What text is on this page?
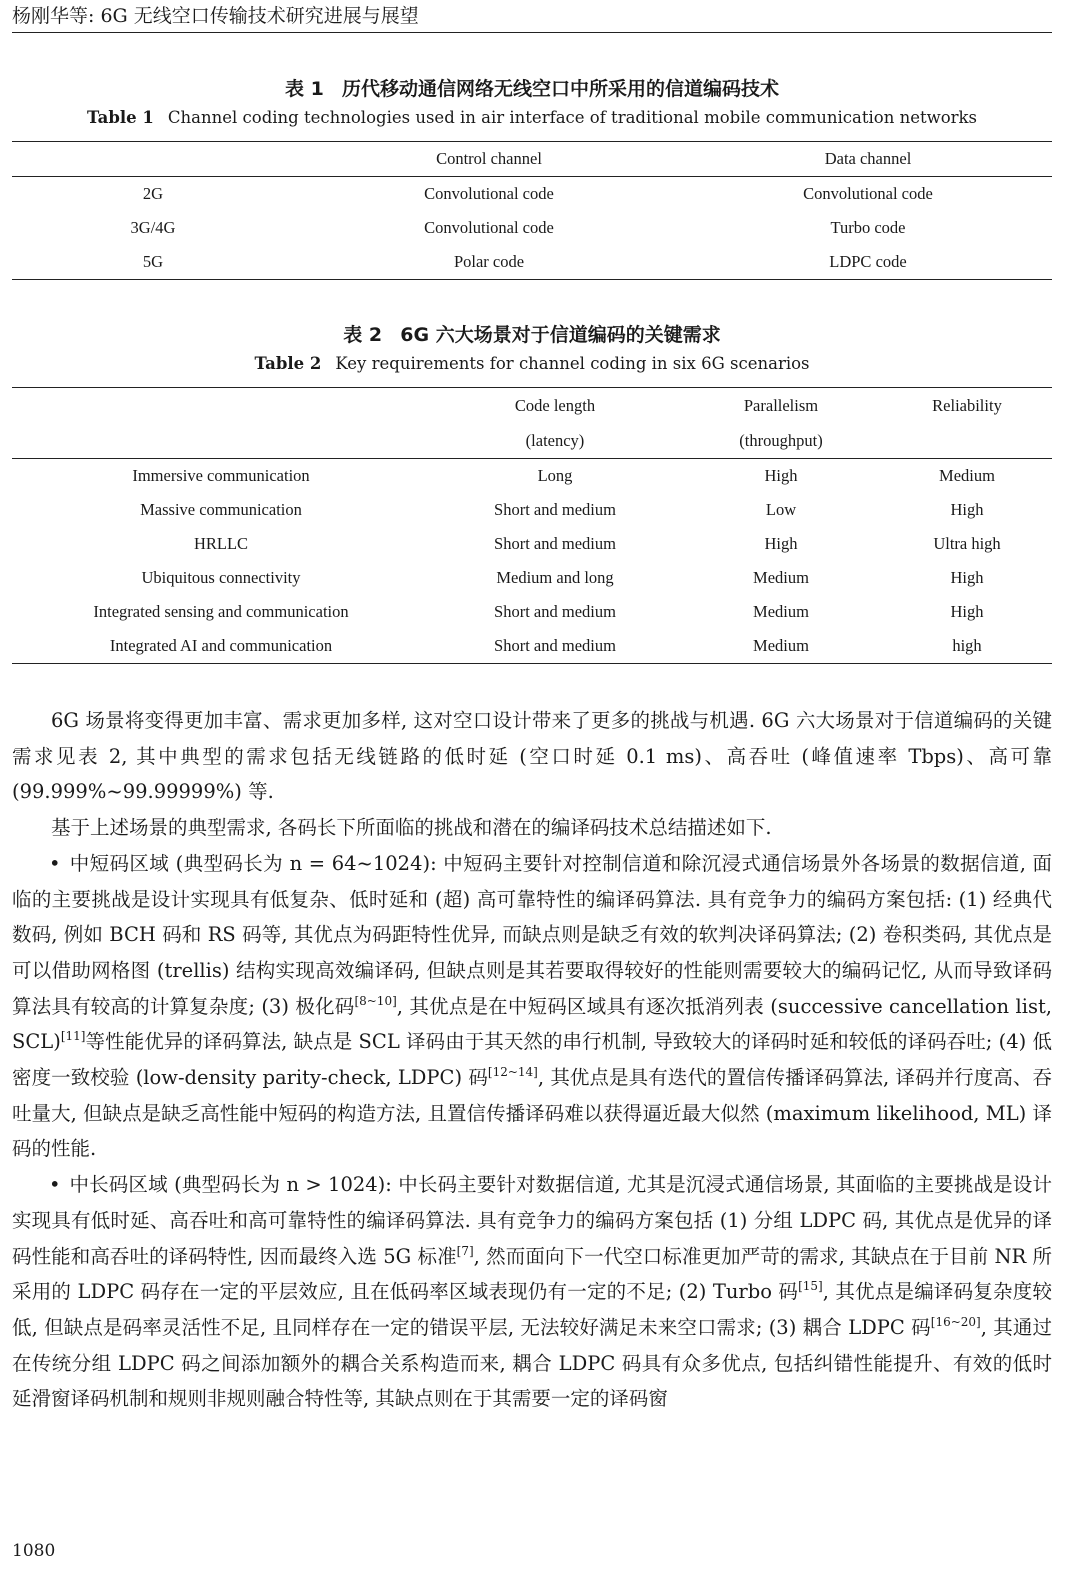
杨刚华等: 6G 无线空口传输技术研究进展与展望
表 1 历代移动通信网络无线空口中所采用的信道编码技术
Table 1 Channel coding technologies used in air interface of traditional mobile communication networks
	Control channel	Data channel
2G	Convolutional code	Convolutional code
3G/4G	Convolutional code	Turbo code
5G	Polar code	LDPC code
表 2 6G 六大场景对于信道编码的关键需求
Table 2 Key requirements for channel coding in six 6G scenarios
	Code length	Parallelism	Reliability
	(latency)	(throughput)	
Immersive communication	Long	High	Medium
Massive communication	Short and medium	Low	High
HRLLC	Short and medium	High	Ultra high
Ubiquitous connectivity	Medium and long	Medium	High
Integrated sensing and communication	Short and medium	Medium	High
Integrated AI and communication	Short and medium	Medium	high

6G 场景将变得更加丰富、需求更加多样, 这对空口设计带来了更多的挑战与机遇. 6G 六大场景对于信道编码的关键需求见表 2, 其中典型的需求包括无线链路的低时延 (空口时延 0.1 ms)、高吞吐 (峰值速率 Tbps)、高可靠 (99.999%~99.99999%) 等.

基于上述场景的典型需求, 各码长下所面临的挑战和潜在的编译码技术总结描述如下.

• 中短码区域 (典型码长为 n = 64~1024): 中短码主要针对控制信道和除沉浸式通信场景外各场景的数据信道, 面临的主要挑战是设计实现具有低复杂、低时延和 (超) 高可靠特性的编译码算法. 具有竞争力的编码方案包括: (1) 经典代数码, 例如 BCH 码和 RS 码等, 其优点为码距特性优异, 而缺点则是缺乏有效的软判决译码算法; (2) 卷积类码, 其优点是可以借助网格图 (trellis) 结构实现高效编译码, 但缺点则是其若要取得较好的性能则需要较大的编码记忆, 从而导致译码算法具有较高的计算复杂度; (3) 极化码[8~10], 其优点是在中短码区域具有逐次抵消列表 (successive cancellation list, SCL)[11]等性能优异的译码算法, 缺点是 SCL 译码由于其天然的串行机制, 导致较大的译码时延和较低的译码吞吐; (4) 低密度一致校验 (low-density parity-check, LDPC) 码[12~14], 其优点是具有迭代的置信传播译码算法, 译码并行度高、吞吐量大, 但缺点是缺乏高性能中短码的构造方法, 且置信传播译码难以获得逼近最大似然 (maximum likelihood, ML) 译码的性能.

• 中长码区域 (典型码长为 n > 1024): 中长码主要针对数据信道, 尤其是沉浸式通信场景, 其面临的主要挑战是设计实现具有低时延、高吞吐和高可靠特性的编译码算法. 具有竞争力的编码方案包括 (1) 分组 LDPC 码, 其优点是优异的译码性能和高吞吐的译码特性, 因而最终入选 5G 标准[7], 然而面向下一代空口标准更加严苛的需求, 其缺点在于目前 NR 所采用的 LDPC 码存在一定的平层效应, 且在低码率区域表现仍有一定的不足; (2) Turbo 码[15], 其优点是编译码复杂度较低, 但缺点是码率灵活性不足, 且同样存在一定的错误平层, 无法较好满足未来空口需求; (3) 耦合 LDPC 码[16~20], 其通过在传统分组 LDPC 码之间添加额外的耦合关系构造而来, 耦合 LDPC 码具有众多优点, 包括纠错性能提升、有效的低时延滑窗译码机制和规则非规则融合特性等, 其缺点则在于其需要一定的译码窗

1080
